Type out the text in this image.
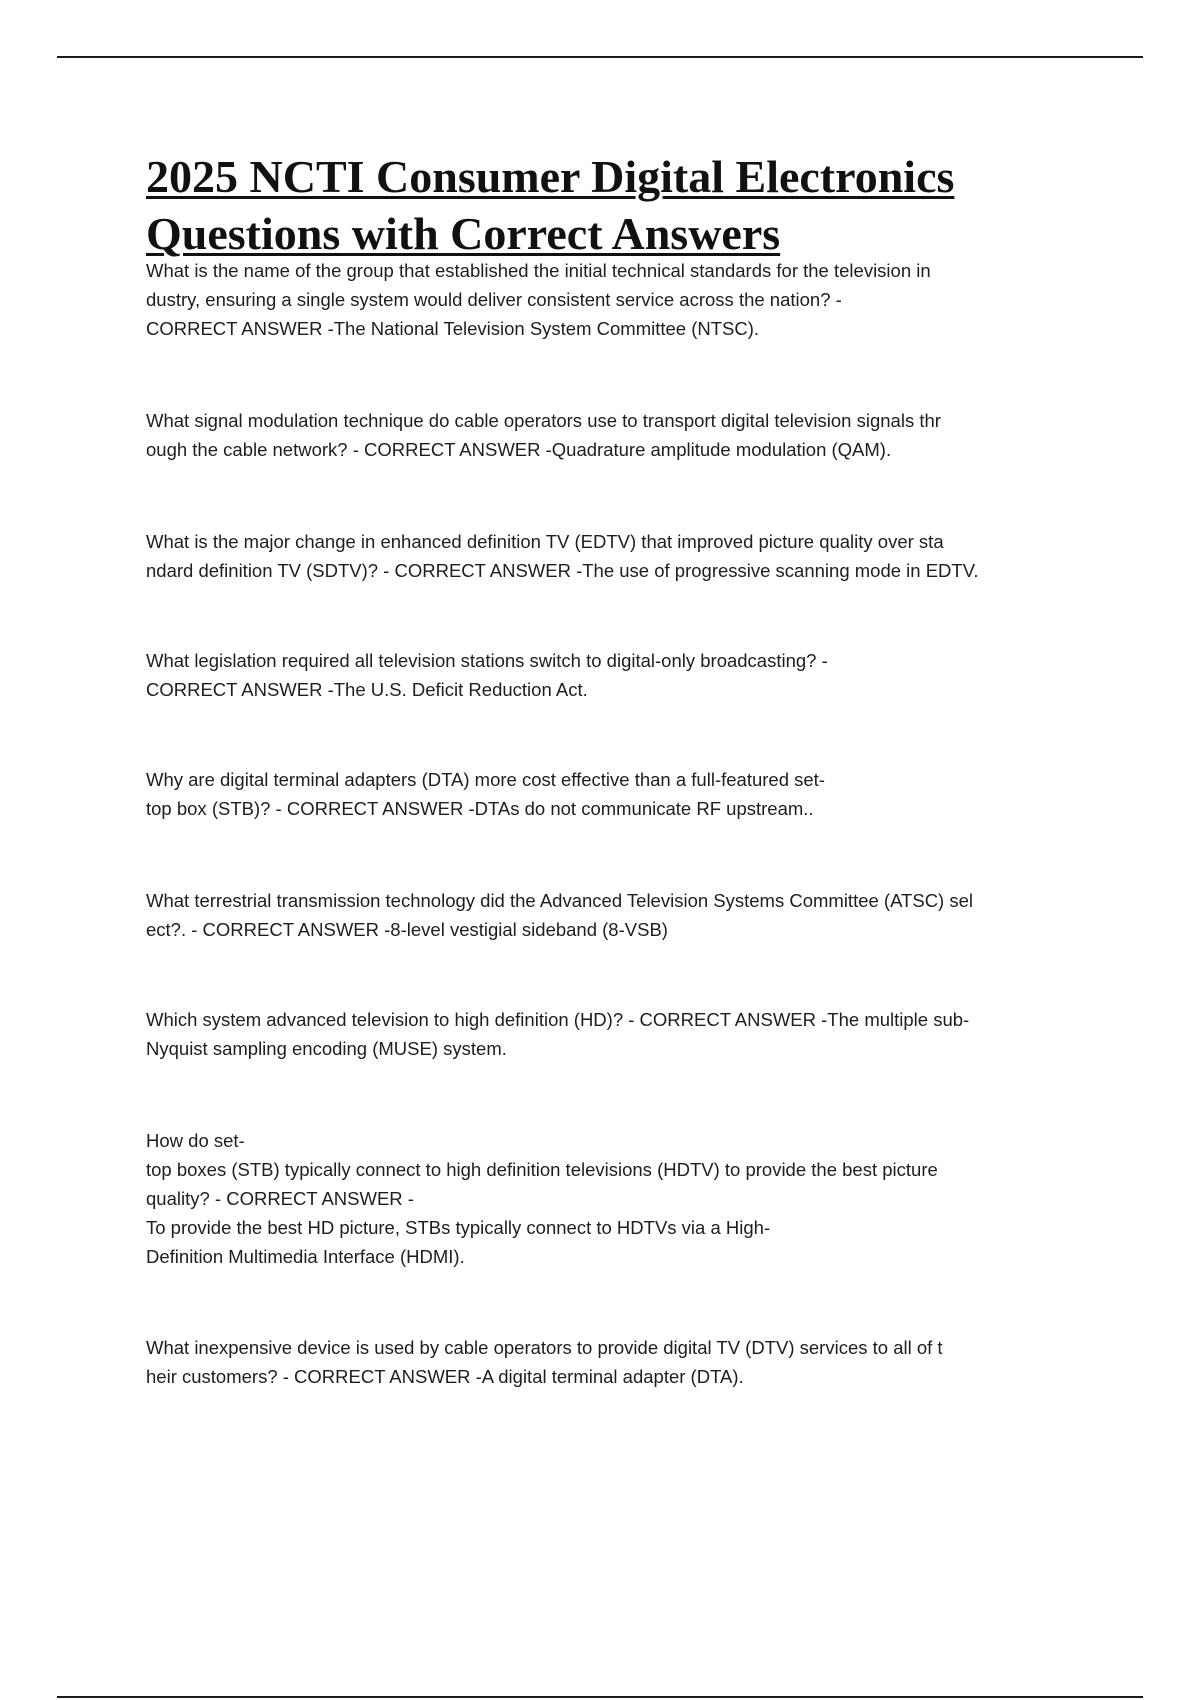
2025 NCTI Consumer Digital Electronics
Questions with Correct Answers

What is the name of the group that established the initial technical standards for the television in
dustry, ensuring a single system would deliver consistent service across the nation? -
CORRECT ANSWER -The National Television System Committee (NTSC).

What signal modulation technique do cable operators use to transport digital television signals thr
ough the cable network? - CORRECT ANSWER -Quadrature amplitude modulation (QAM).

What is the major change in enhanced definition TV (EDTV) that improved picture quality over sta
ndard definition TV (SDTV)? - CORRECT ANSWER -The use of progressive scanning mode in EDTV.

What legislation required all television stations switch to digital-only broadcasting? -
CORRECT ANSWER -The U.S. Deficit Reduction Act.

Why are digital terminal adapters (DTA) more cost effective than a full-featured set-
top box (STB)? - CORRECT ANSWER -DTAs do not communicate RF upstream..

What terrestrial transmission technology did the Advanced Television Systems Committee (ATSC) sel
ect?. - CORRECT ANSWER -8-level vestigial sideband (8-VSB)

Which system advanced television to high definition (HD)? - CORRECT ANSWER -The multiple sub-
Nyquist sampling encoding (MUSE) system.

How do set-
top boxes (STB) typically connect to high definition televisions (HDTV) to provide the best picture
quality? - CORRECT ANSWER -
To provide the best HD picture, STBs typically connect to HDTVs via a High-
Definition Multimedia Interface (HDMI).

What inexpensive device is used by cable operators to provide digital TV (DTV) services to all of t
heir customers? - CORRECT ANSWER -A digital terminal adapter (DTA).
